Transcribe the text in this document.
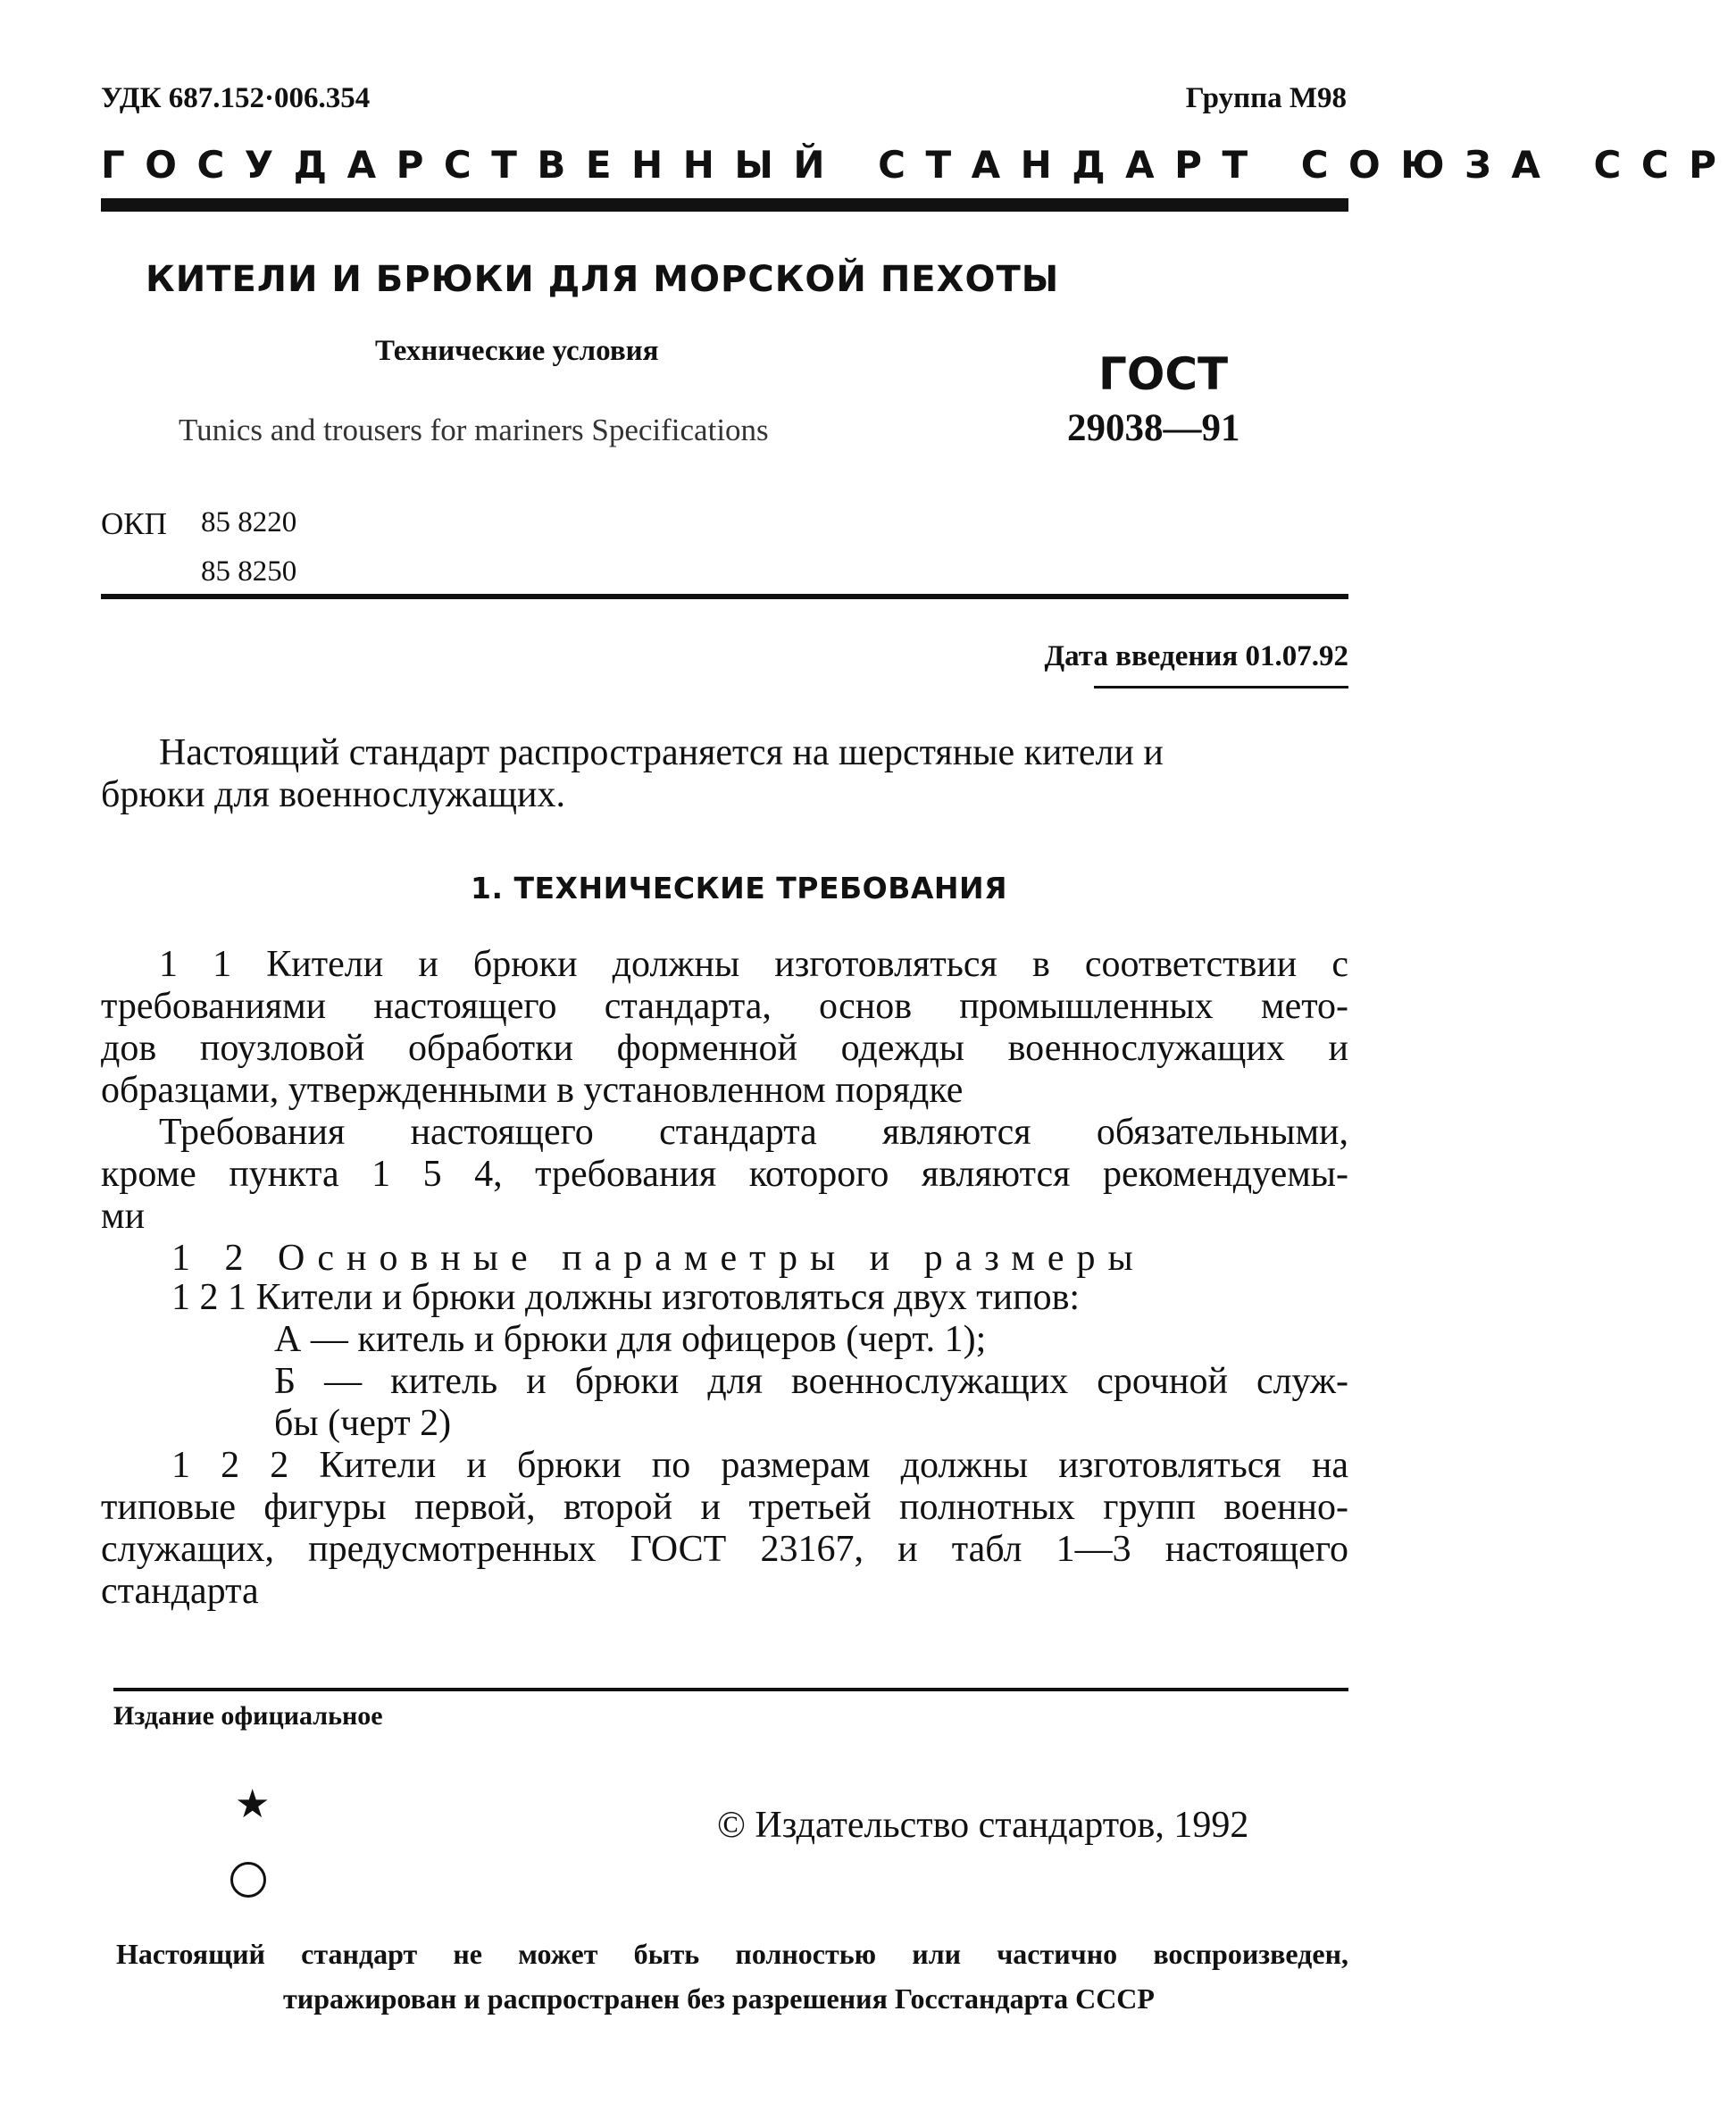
УДК 687.152·006.354	Группа М98
ГОСУДАРСТВЕННЫЙ СТАНДАРТ СОЮЗА ССР
КИТЕЛИ И БРЮКИ ДЛЯ МОРСКОЙ ПЕХОТЫ
Технические условия
Tunics and trousers for mariners Specifications
ГОСТ
29038—91
ОКП 85 8220
85 8250
Дата введения 01.07.92
Настоящий стандарт распространяется на шерстяные кители и
брюки для военнослужащих.
1. ТЕХНИЧЕСКИЕ ТРЕБОВАНИЯ
1 1 Кители и брюки должны изготовляться в соответствии с
требованиями настоящего стандарта, основ промышленных мето-
дов поузловой обработки форменной одежды военнослужащих и
образцами, утвержденными в установленном порядке
Требования настоящего стандарта являются обязательными,
кроме пункта 1 5 4, требования которого являются рекомендуемы-
ми
1 2 Основные параметры и размеры
1 2 1 Кители и брюки должны изготовляться двух типов:
А — китель и брюки для офицеров (черт. 1);
Б — китель и брюки для военнослужащих срочной служ-
бы (черт 2)
1 2 2 Кители и брюки по размерам должны изготовляться на
типовые фигуры первой, второй и третьей полнотных групп военно-
служащих, предусмотренных ГОСТ 23167, и табл 1—3 настоящего
стандарта
Издание официальное
★	© Издательство стандартов, 1992
Настоящий стандарт не может быть полностью или частично воспроизведен,
тиражирован и распространен без разрешения Госстандарта СССР
